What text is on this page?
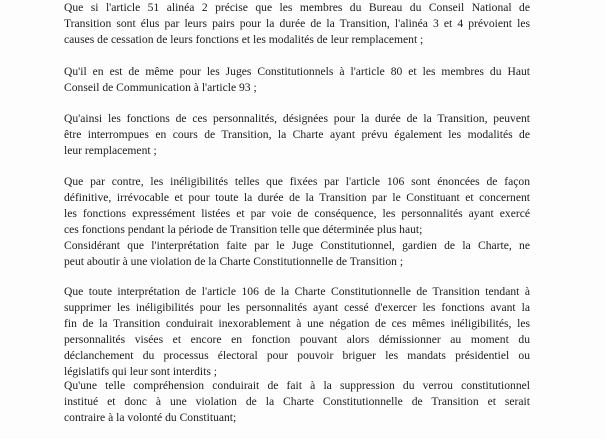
Que si l'article 51 alinéa 2 précise que les membres du Bureau du Conseil National de
Transition sont élus par leurs pairs pour la durée de la Transition, l'alinéa 3 et 4 prévoient les
causes de cessation de leurs fonctions et les modalités de leur remplacement ;
Qu'il en est de même pour les Juges Constitutionnels à l'article 80 et les membres du Haut
Conseil de Communication à l'article 93 ;
Qu'ainsi les fonctions de ces personnalités, désignées pour la durée de la Transition, peuvent
être interrompues en cours de Transition, la Charte ayant prévu également les modalités de
leur remplacement ;
Que par contre, les inéligibilités telles que fixées par l'article 106 sont énoncées de façon
définitive, irrévocable et pour toute la durée de la Transition par le Constituant et concernent
les fonctions expressément listées et par voie de conséquence, les personnalités ayant exercé
ces fonctions pendant la période de Transition telle que déterminée plus haut;
Considérant que l'interprétation faite par le Juge Constitutionnel, gardien de la Charte, ne
peut aboutir à une violation de la Charte Constitutionnelle de Transition ;
Que toute interprétation de l'article 106 de la Charte Constitutionnelle de Transition tendant à
supprimer les inéligibilités pour les personnalités ayant cessé d'exercer les fonctions avant la
fin de la Transition conduirait inexorablement à une négation de ces mêmes inéligibilités, les
personnalités visées et encore en fonction pouvant alors démissionner au moment du
déclanchement du processus électoral pour pouvoir briguer les mandats présidentiel ou
législatifs qui leur sont interdits ;
Qu'une telle compréhension conduirait de fait à la suppression du verrou constitutionnel
institué et donc à une violation de la Charte Constitutionnelle de Transition et serait
contraire à la volonté du Constituant;
